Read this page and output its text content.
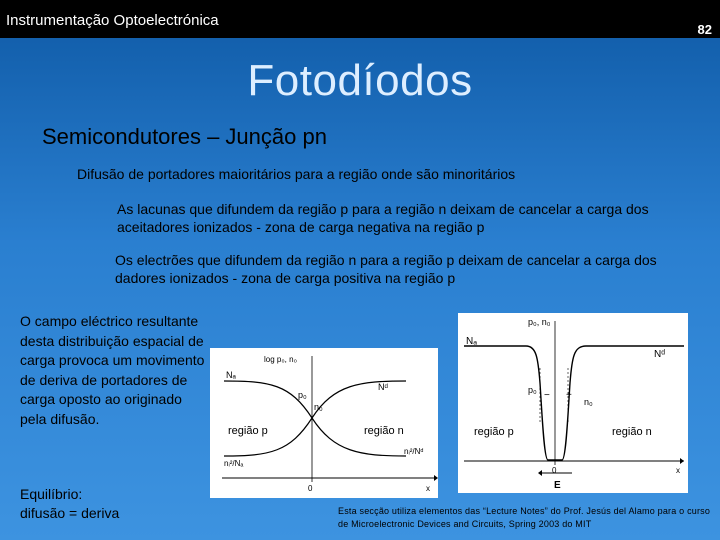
Instrumentação Optoelectrónica
82
Fotodíodos
Semicondutores – Junção pn
Difusão de portadores maioritários para a região onde são minoritários
As lacunas que difundem da região p para a região n deixam de cancelar a carga dos aceitadores ionizados - zona de carga negativa na região p
Os electrões que difundem da região n para a região p deixam de cancelar a carga dos dadores ionizados - zona de carga positiva na região p
O campo eléctrico resultante desta distribuição espacial de carga provoca um movimento de deriva de portadores de carga oposto ao originado pela difusão.
Equilíbrio:
difusão = deriva
log p₀, n₀
Nₐ
Nᵈ
p₀
n₀
nᵢ²/Nᵈ
nᵢ²/Nₐ
0	x
região p	região n
p₀, n₀
Nₐ
Nᵈ
p₀
n₀
− +
0	x
E
região p	região n
Esta secção utiliza elementos das “Lecture Notes” do Prof. Jesús del Alamo para o curso de Microelectronic Devices and Circuits, Spring 2003 do MIT
